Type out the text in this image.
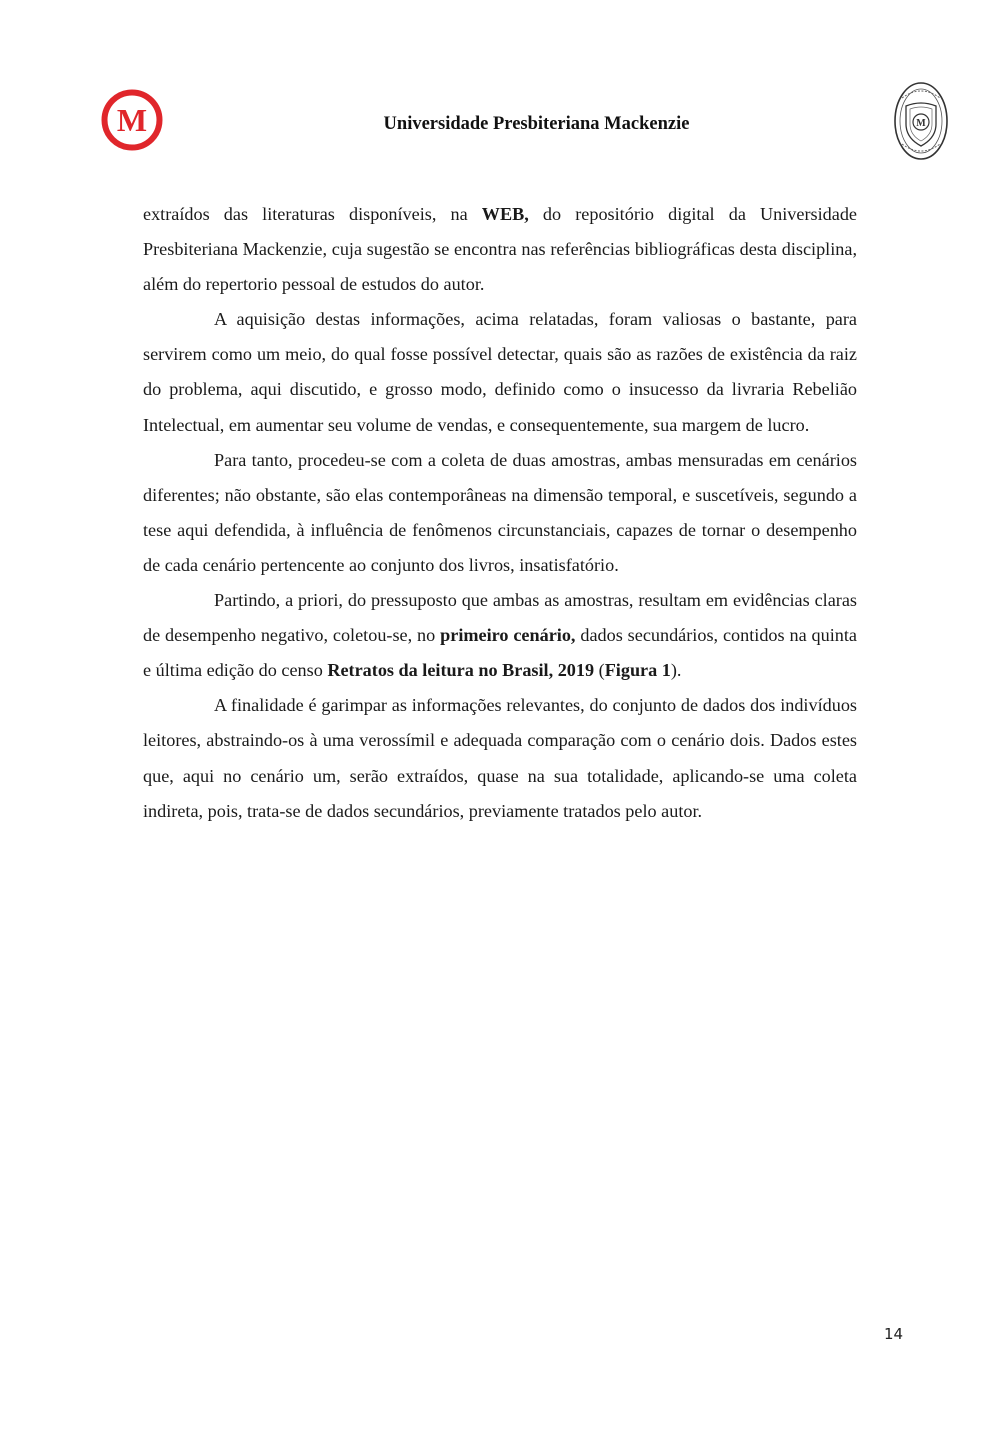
M	Universidade Presbiteriana Mackenzie	M

extraídos das literaturas disponíveis, na WEB, do repositório digital da Universidade Presbiteriana Mackenzie, cuja sugestão se encontra nas referências bibliográficas desta disciplina, além do repertorio pessoal de estudos do autor.

A aquisição destas informações, acima relatadas, foram valiosas o bastante, para servirem como um meio, do qual fosse possível detectar, quais são as razões de existência da raiz do problema, aqui discutido, e grosso modo, definido como o insucesso da livraria Rebelião Intelectual, em aumentar seu volume de vendas, e consequentemente, sua margem de lucro.

Para tanto, procedeu-se com a coleta de duas amostras, ambas mensuradas em cenários diferentes; não obstante, são elas contemporâneas na dimensão temporal, e suscetíveis, segundo a tese aqui defendida, à influência de fenômenos circunstanciais, capazes de tornar o desempenho de cada cenário pertencente ao conjunto dos livros, insatisfatório.

Partindo, a priori, do pressuposto que ambas as amostras, resultam em evidências claras de desempenho negativo, coletou-se, no primeiro cenário, dados secundários, contidos na quinta e última edição do censo Retratos da leitura no Brasil, 2019 (Figura 1).

A finalidade é garimpar as informações relevantes, do conjunto de dados dos indivíduos leitores, abstraindo-os à uma verossímil e adequada comparação com o cenário dois. Dados estes que, aqui no cenário um, serão extraídos, quase na sua totalidade, aplicando-se uma coleta indireta, pois, trata-se de dados secundários, previamente tratados pelo autor.

14
